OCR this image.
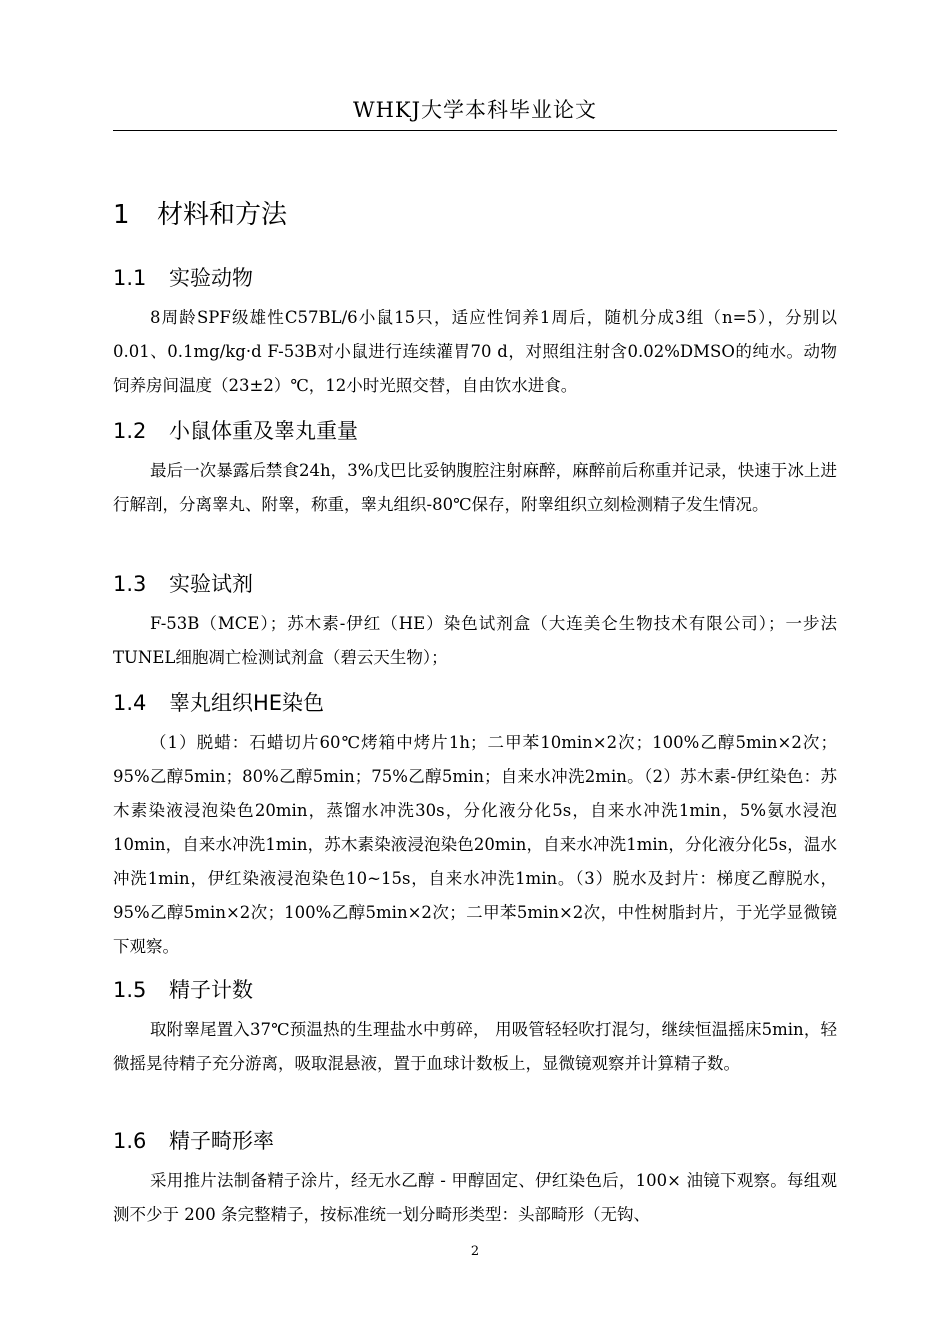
WHKJ大学本科毕业论文
1 材料和方法
1.1 实验动物

8周龄SPF级雄性C57BL/6小鼠15只，适应性饲养1周后，随机分成3组（n=5），分别以0.01、0.1mg/kg·d F-53B对小鼠进行连续灌胃70 d，对照组注射含0.02%DMSO的纯水。动物饲养房间温度（23±2）℃，12小时光照交替，自由饮水进食。

1.2 小鼠体重及睾丸重量

最后一次暴露后禁食24h，3%戊巴比妥钠腹腔注射麻醉，麻醉前后称重并记录，快速于冰上进行解剖，分离睾丸、附睾，称重，睾丸组织-80℃保存，附睾组织立刻检测精子发生情况。

1.3 实验试剂

F-53B（MCE）；苏木素-伊红（HE）染色试剂盒（大连美仑生物技术有限公司）；一步法TUNEL细胞凋亡检测试剂盒（碧云天生物）；

1.4 睾丸组织HE染色

（1）脱蜡：石蜡切片60℃烤箱中烤片1h；二甲苯10min×2次；100%乙醇5min×2次；95%乙醇5min；80%乙醇5min；75%乙醇5min；自来水冲洗2min。（2）苏木素-伊红染色：苏木素染液浸泡染色20min，蒸馏水冲洗30s，分化液分化5s，自来水冲洗1min，5%氨水浸泡10min，自来水冲洗1min，苏木素染液浸泡染色20min，自来水冲洗1min，分化液分化5s，温水冲洗1min，伊红染液浸泡染色10~15s，自来水冲洗1min。（3）脱水及封片：梯度乙醇脱水，95%乙醇5min×2次；100%乙醇5min×2次；二甲苯5min×2次，中性树脂封片，于光学显微镜下观察。

1.5 精子计数

取附睾尾置入37℃预温热的生理盐水中剪碎， 用吸管轻轻吹打混匀，继续恒温摇床5min，轻微摇晃待精子充分游离，吸取混悬液，置于血球计数板上，显微镜观察并计算精子数。

1.6 精子畸形率

采用推片法制备精子涂片，经无水乙醇 - 甲醇固定、伊红染色后，100× 油镜下观察。每组观测不少于 200 条完整精子，按标准统一划分畸形类型：头部畸形（无钩、

2
